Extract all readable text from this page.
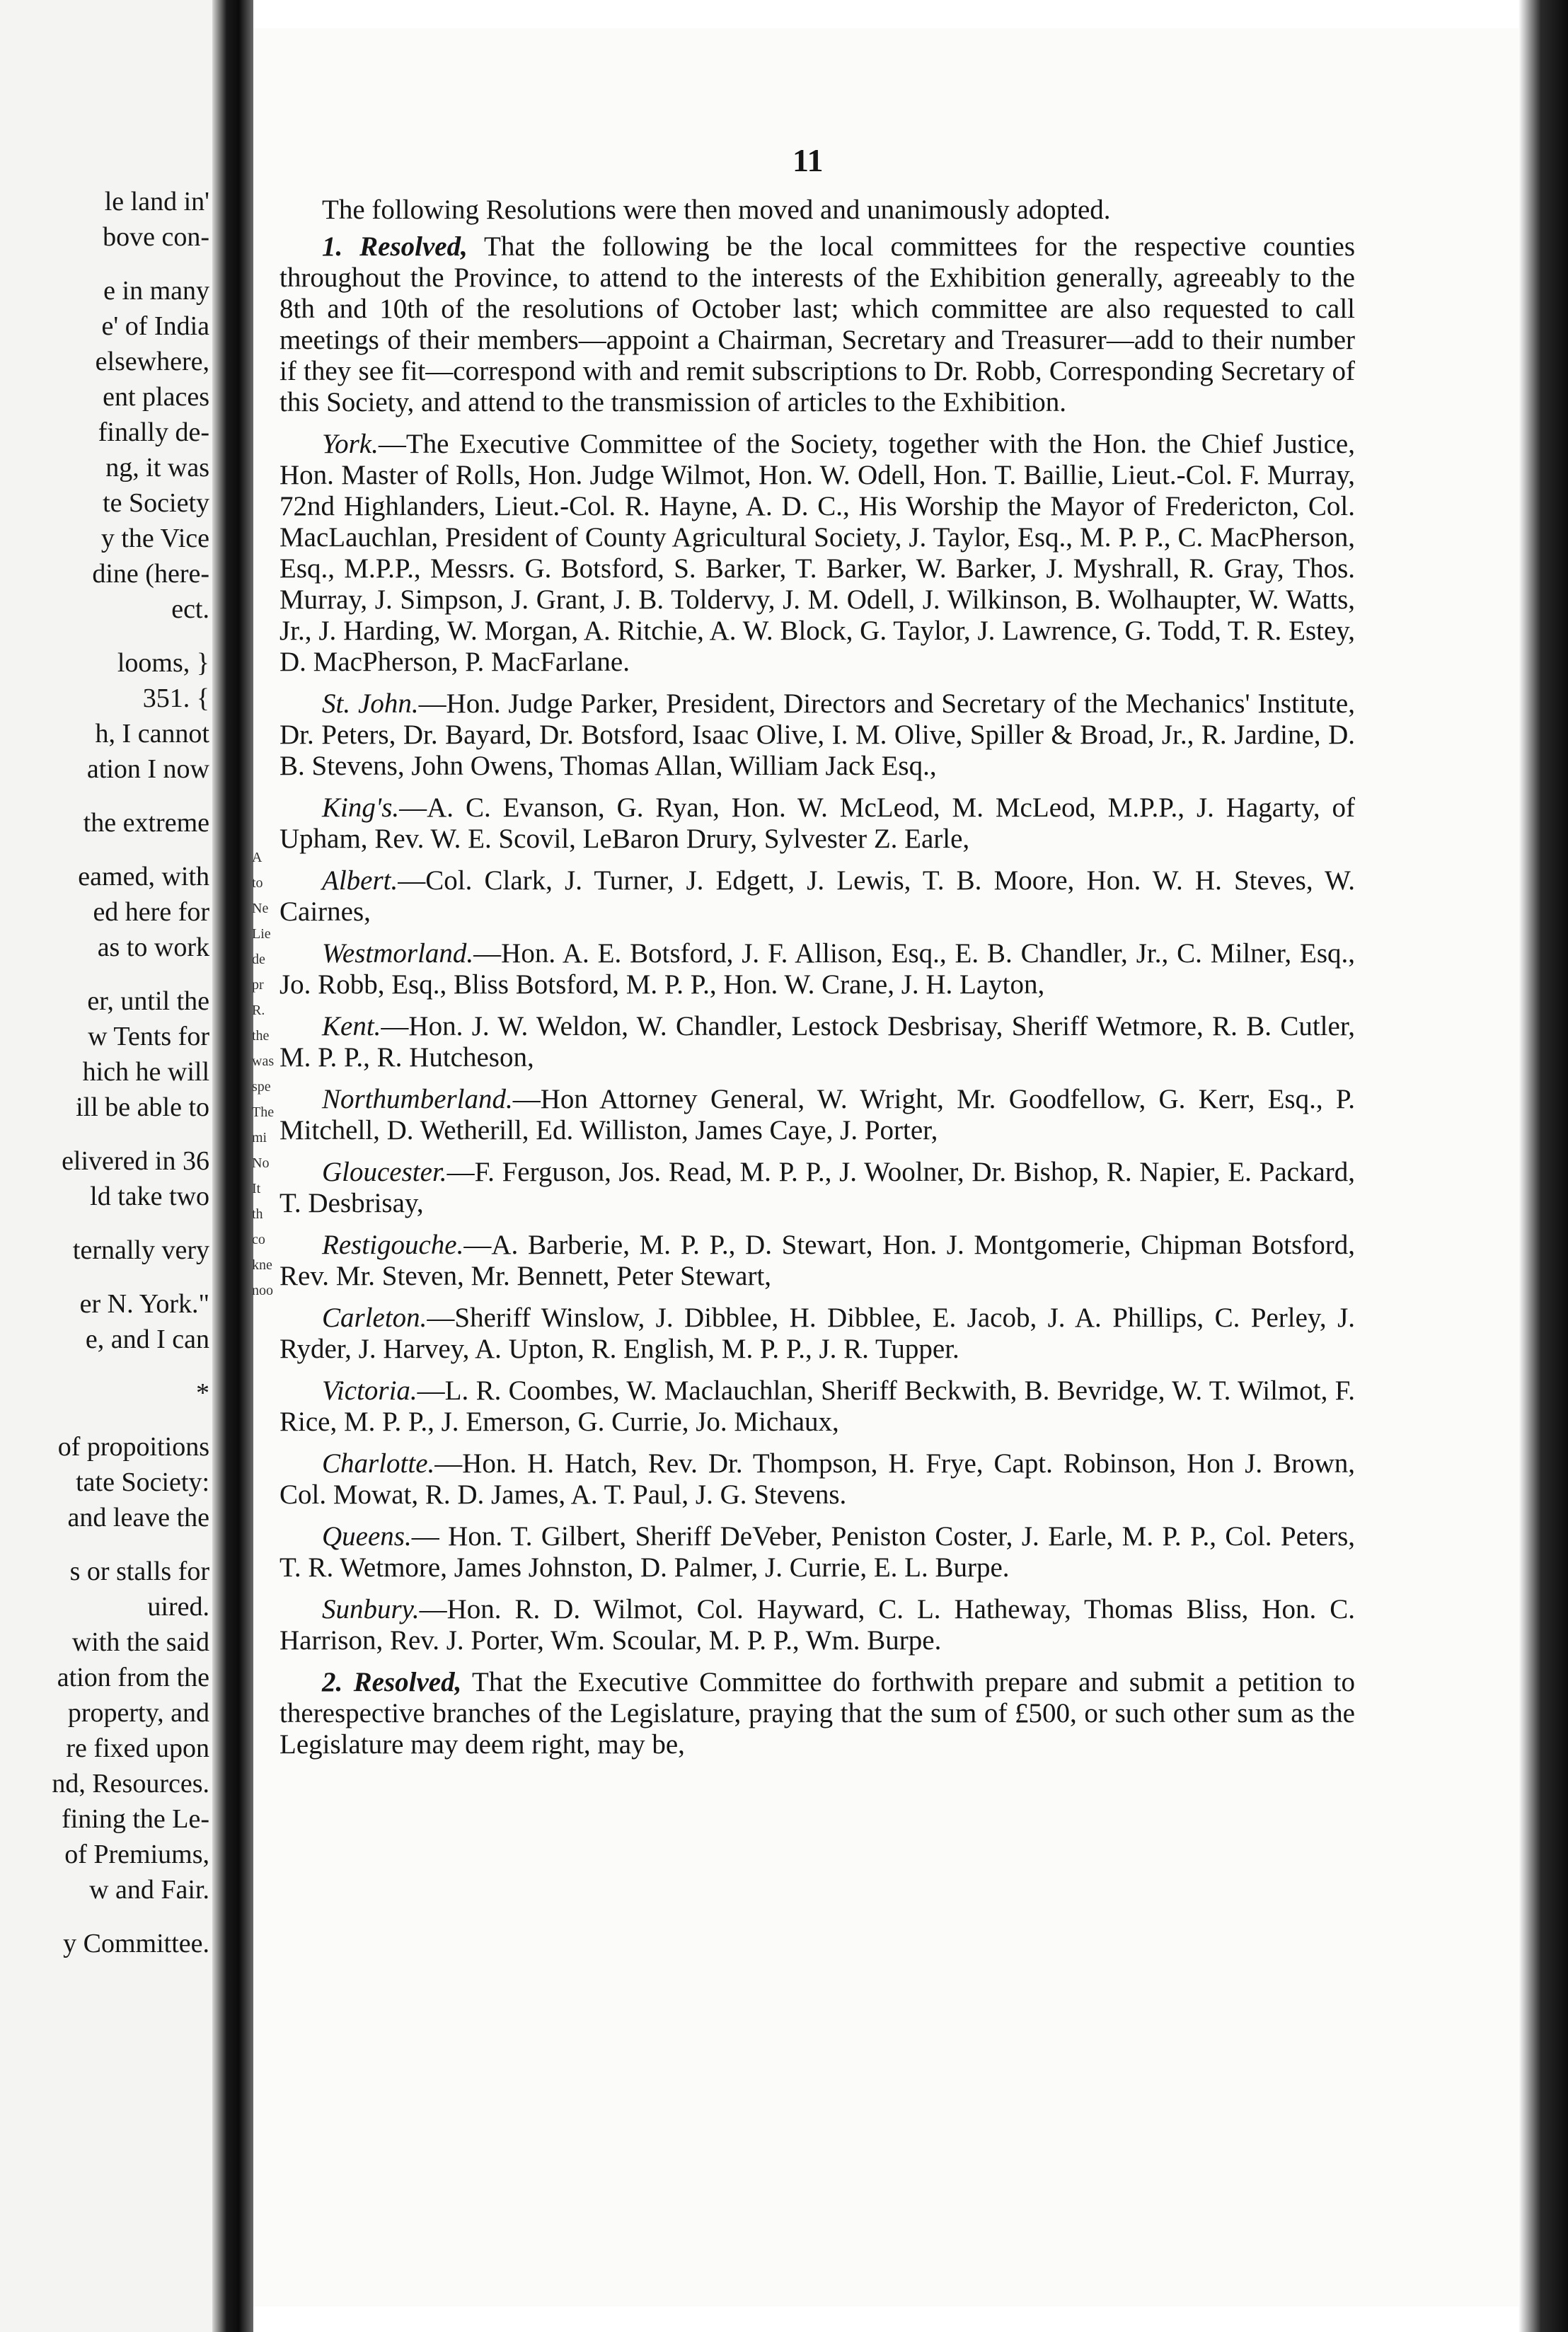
11
le land in'
bove con-
e in many
e' of India
elsewhere,
ent places
finally de-
ng, it was
te Society
y the Vice
dine (here-
ect.
looms, }
351. {
h, I cannot
ation I now
the extreme
eamed, with
ed here for
as to work
er, until the
w Tents for
hich he will
ill be able to
elivered in 36
ld take two
ternally very
er N. York."
e, and I can
*
of propoitions
tate Society:
and leave the
s or stalls for
uired.
with the said
ation from the
property, and
re fixed upon
nd, Resources.
fining the Le-
of Premiums,
w and Fair.
y Committee.
A
to
Ne
Lie
de
pr
R.
the
was
spe
The
mi
No
It
th
co
kne
noo

The following Resolutions were then moved and unanimously adopted.

1. Resolved, That the following be the local committees for the respective counties throughout the Province, to attend to the interests of the Exhibition generally, agreeably to the 8th and 10th of the resolutions of October last; which committee are also requested to call meetings of their members—appoint a Chairman, Secretary and Treasurer—add to their number if they see fit—correspond with and remit subscriptions to Dr. Robb, Corresponding Secretary of this Society, and attend to the transmission of articles to the Exhibition.

York.—The Executive Committee of the Society, together with the Hon. the Chief Justice, Hon. Master of Rolls, Hon. Judge Wilmot, Hon. W. Odell, Hon. T. Baillie, Lieut.-Col. F. Murray, 72nd Highlanders, Lieut.-Col. R. Hayne, A. D. C., His Worship the Mayor of Fredericton, Col. MacLauchlan, President of County Agricultural Society, J. Taylor, Esq., M. P. P., C. MacPherson, Esq., M.P.P., Messrs. G. Botsford, S. Barker, T. Barker, W. Barker, J. Myshrall, R. Gray, Thos. Murray, J. Simpson, J. Grant, J. B. Toldervy, J. M. Odell, J. Wilkinson, B. Wolhaupter, W. Watts, Jr., J. Harding, W. Morgan, A. Ritchie, A. W. Block, G. Taylor, J. Lawrence, G. Todd, T. R. Estey, D. MacPherson, P. MacFarlane.

St. John.—Hon. Judge Parker, President, Directors and Secretary of the Mechanics' Institute, Dr. Peters, Dr. Bayard, Dr. Botsford, Isaac Olive, I. M. Olive, Spiller & Broad, Jr., R. Jardine, D. B. Stevens, John Owens, Thomas Allan, William Jack Esq.,

King's.—A. C. Evanson, G. Ryan, Hon. W. McLeod, M. McLeod, M.P.P., J. Hagarty, of Upham, Rev. W. E. Scovil, LeBaron Drury, Sylvester Z. Earle,

Albert.—Col. Clark, J. Turner, J. Edgett, J. Lewis, T. B. Moore, Hon. W. H. Steves, W. Cairnes,

Westmorland.—Hon. A. E. Botsford, J. F. Allison, Esq., E. B. Chandler, Jr., C. Milner, Esq., Jo. Robb, Esq., Bliss Botsford, M. P. P., Hon. W. Crane, J. H. Layton,

Kent.—Hon. J. W. Weldon, W. Chandler, Lestock Desbrisay, Sheriff Wetmore, R. B. Cutler, M. P. P., R. Hutcheson,

Northumberland.—Hon Attorney General, W. Wright, Mr. Goodfellow, G. Kerr, Esq., P. Mitchell, D. Wetherill, Ed. Williston, James Caye, J. Porter,

Gloucester.—F. Ferguson, Jos. Read, M. P. P., J. Woolner, Dr. Bishop, R. Napier, E. Packard, T. Desbrisay,

Restigouche.—A. Barberie, M. P. P., D. Stewart, Hon. J. Montgomerie, Chipman Botsford, Rev. Mr. Steven, Mr. Bennett, Peter Stewart,

Carleton.—Sheriff Winslow, J. Dibblee, H. Dibblee, E. Jacob, J. A. Phillips, C. Perley, J. Ryder, J. Harvey, A. Upton, R. English, M. P. P., J. R. Tupper.

Victoria.—L. R. Coombes, W. Maclauchlan, Sheriff Beckwith, B. Bevridge, W. T. Wilmot, F. Rice, M. P. P., J. Emerson, G. Currie, Jo. Michaux,

Charlotte.—Hon. H. Hatch, Rev. Dr. Thompson, H. Frye, Capt. Robinson, Hon J. Brown, Col. Mowat, R. D. James, A. T. Paul, J. G. Stevens.

Queens.— Hon. T. Gilbert, Sheriff DeVeber, Peniston Coster, J. Earle, M. P. P., Col. Peters, T. R. Wetmore, James Johnston, D. Palmer, J. Currie, E. L. Burpe.

Sunbury.—Hon. R. D. Wilmot, Col. Hayward, C. L. Hatheway, Thomas Bliss, Hon. C. Harrison, Rev. J. Porter, Wm. Scoular, M. P. P., Wm. Burpe.

2. Resolved, That the Executive Committee do forthwith prepare and submit a petition to therespective branches of the Legislature, praying that the sum of £500, or such other sum as the Legislature may deem right, may be,
